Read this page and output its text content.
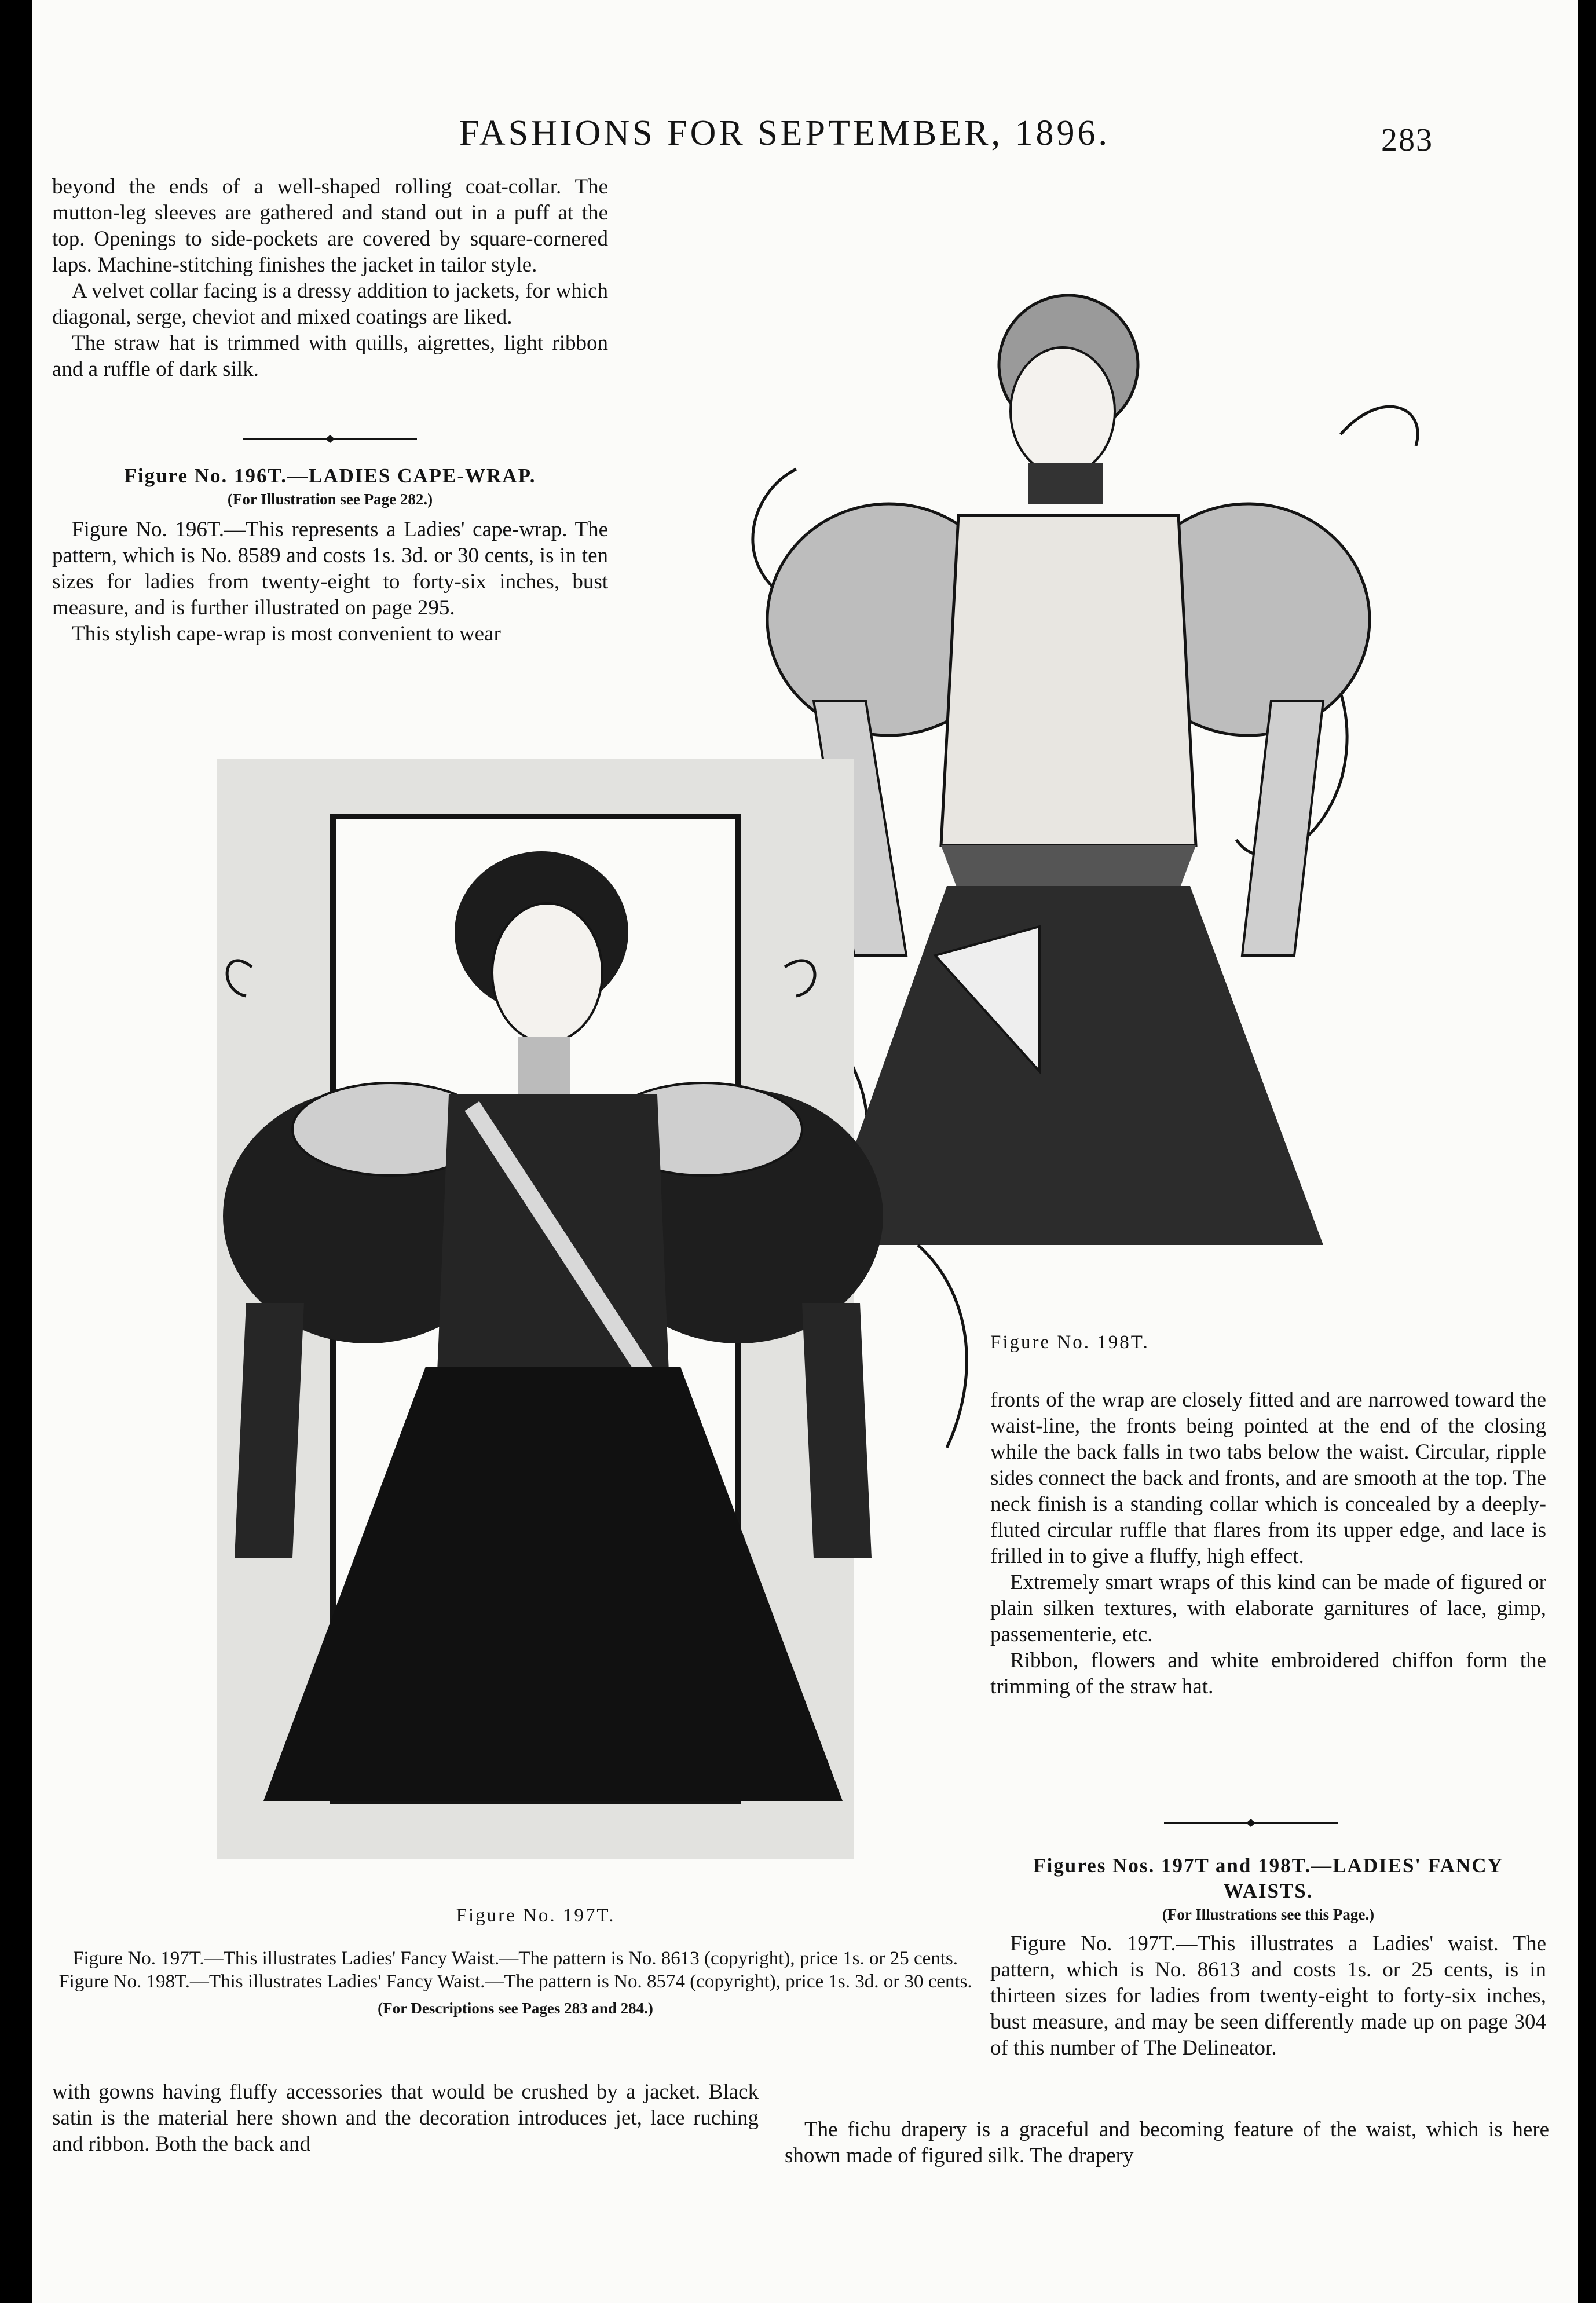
FASHIONS FOR SEPTEMBER, 1896.	283

beyond the ends of a well-shaped rolling coat-collar. The mutton-leg sleeves are gathered and stand out in a puff at the top. Openings to side-pockets are covered by square-cornered laps. Machine-stitching finishes the jacket in tailor style.

A velvet collar facing is a dressy addition to jackets, for which diagonal, serge, cheviot and mixed coatings are liked.

The straw hat is trimmed with quills, aigrettes, light ribbon and a ruffle of dark silk.

Figure No. 196T.—LADIES CAPE-WRAP.
(For Illustration see Page 282.)

Figure No. 196T.—This represents a Ladies' cape-wrap. The pattern, which is No. 8589 and costs 1s. 3d. or 30 cents, is in ten sizes for ladies from twenty-eight to forty-six inches, bust measure, and is further illustrated on page 295.

This stylish cape-wrap is most convenient to wear

Figure No. 198T.

fronts of the wrap are closely fitted and are narrowed toward the waist-line, the fronts being pointed at the end of the closing while the back falls in two tabs below the waist. Circular, ripple sides connect the back and fronts, and are smooth at the top. The neck finish is a standing collar which is concealed by a deeply-fluted circular ruffle that flares from its upper edge, and lace is frilled in to give a fluffy, high effect.

Extremely smart wraps of this kind can be made of figured or plain silken textures, with elaborate garnitures of lace, gimp, passementerie, etc.

Ribbon, flowers and white embroidered chiffon form the trimming of the straw hat.

Figures Nos. 197T and 198T.—LADIES' FANCY WAISTS.
(For Illustrations see this Page.)

Figure No. 197T.—This illustrates a Ladies' waist. The pattern, which is No. 8613 and costs 1s. or 25 cents, is in thirteen sizes for ladies from twenty-eight to forty-six inches, bust measure, and may be seen differently made up on page 304 of this number of The Delineator.

Figure No. 197T.
Figure No. 197T.—This illustrates Ladies' Fancy Waist.—The pattern is No. 8613 (copyright), price 1s. or 25 cents. Figure No. 198T.—This illustrates Ladies' Fancy Waist.—The pattern is No. 8574 (copyright), price 1s. 3d. or 30 cents.
(For Descriptions see Pages 283 and 284.)

with gowns having fluffy accessories that would be crushed by a jacket. Black satin is the material here shown and the decoration introduces jet, lace ruching and ribbon. Both the back and

The fichu drapery is a graceful and becoming feature of the waist, which is here shown made of figured silk. The drapery
